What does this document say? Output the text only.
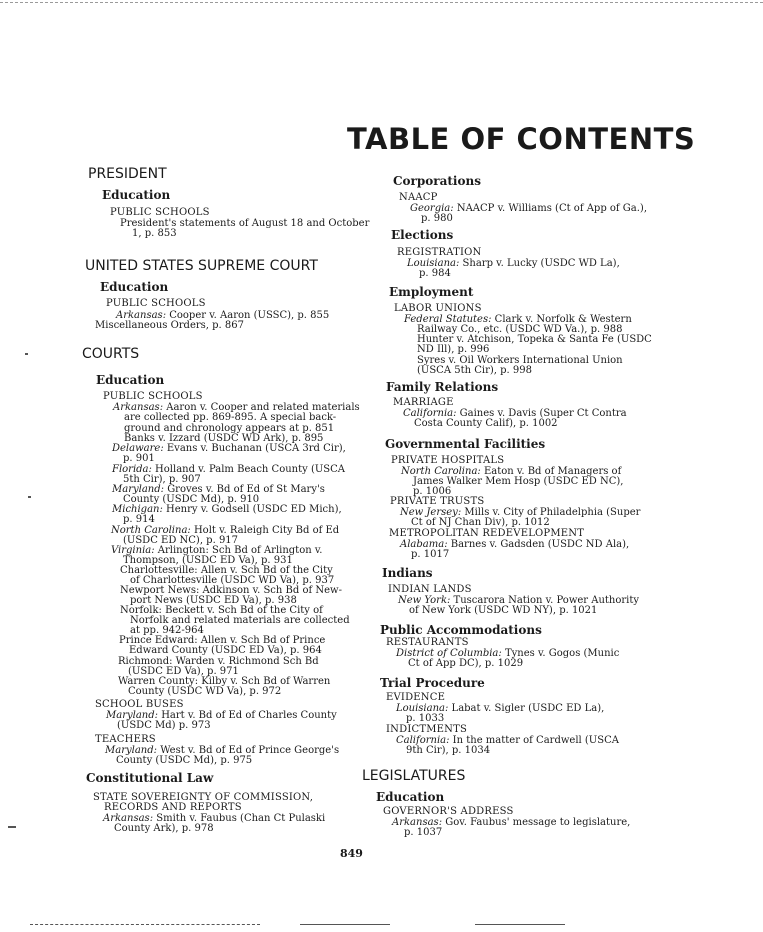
TABLE OF CONTENTS
PRESIDENT
Education
PUBLIC SCHOOLS
President's statements of August 18 and October
1, p. 853
UNITED STATES SUPREME COURT
Education
PUBLIC SCHOOLS
Arkansas: Cooper v. Aaron (USSC), p. 855
Miscellaneous Orders, p. 867
COURTS
Education
PUBLIC SCHOOLS
Arkansas: Aaron v. Cooper and related materials
are collected pp. 869-895. A special back-
ground and chronology appears at p. 851
Banks v. Izzard (USDC WD Ark), p. 895
Delaware: Evans v. Buchanan (USCA 3rd Cir),
p. 901
Florida: Holland v. Palm Beach County (USCA
5th Cir), p. 907
Maryland: Groves v. Bd of Ed of St Mary's
County (USDC Md), p. 910
Michigan: Henry v. Godsell (USDC ED Mich),
p. 914
North Carolina: Holt v. Raleigh City Bd of Ed
(USDC ED NC), p. 917
Virginia: Arlington: Sch Bd of Arlington v.
Thompson, (USDC ED Va), p. 931
Charlottesville: Allen v. Sch Bd of the City
of Charlottesville (USDC WD Va), p. 937
Newport News: Adkinson v. Sch Bd of New-
port News (USDC ED Va), p. 938
Norfolk: Beckett v. Sch Bd of the City of
Norfolk and related materials are collected
at pp. 942-964
Prince Edward: Allen v. Sch Bd of Prince
Edward County (USDC ED Va), p. 964
Richmond: Warden v. Richmond Sch Bd
(USDC ED Va), p. 971
Warren County: Kilby v. Sch Bd of Warren
County (USDC WD Va), p. 972
SCHOOL BUSES
Maryland: Hart v. Bd of Ed of Charles County
(USDC Md) p. 973
TEACHERS
Maryland: West v. Bd of Ed of Prince George's
County (USDC Md), p. 975
Constitutional Law
STATE SOVEREIGNTY OF COMMISSION,
RECORDS AND REPORTS
Arkansas: Smith v. Faubus (Chan Ct Pulaski
County Ark), p. 978
Corporations
NAACP
Georgia: NAACP v. Williams (Ct of App of Ga.),
p. 980
Elections
REGISTRATION
Louisiana: Sharp v. Lucky (USDC WD La),
p. 984
Employment
LABOR UNIONS
Federal Statutes: Clark v. Norfolk & Western
Railway Co., etc. (USDC WD Va.), p. 988
Hunter v. Atchison, Topeka & Santa Fe (USDC
ND Ill), p. 996
Syres v. Oil Workers International Union
(USCA 5th Cir), p. 998
Family Relations
MARRIAGE
California: Gaines v. Davis (Super Ct Contra
Costa County Calif), p. 1002
Governmental Facilities
PRIVATE HOSPITALS
North Carolina: Eaton v. Bd of Managers of
James Walker Mem Hosp (USDC ED NC),
p. 1006
PRIVATE TRUSTS
New Jersey: Mills v. City of Philadelphia (Super
Ct of NJ Chan Div), p. 1012
METROPOLITAN REDEVELOPMENT
Alabama: Barnes v. Gadsden (USDC ND Ala),
p. 1017
Indians
INDIAN LANDS
New York: Tuscarora Nation v. Power Authority
of New York (USDC WD NY), p. 1021
Public Accommodations
RESTAURANTS
District of Columbia: Tynes v. Gogos (Munic
Ct of App DC), p. 1029
Trial Procedure
EVIDENCE
Louisiana: Labat v. Sigler (USDC ED La),
p. 1033
INDICTMENTS
California: In the matter of Cardwell (USCA
9th Cir), p. 1034
LEGISLATURES
Education
GOVERNOR'S ADDRESS
Arkansas: Gov. Faubus' message to legislature,
p. 1037
849
